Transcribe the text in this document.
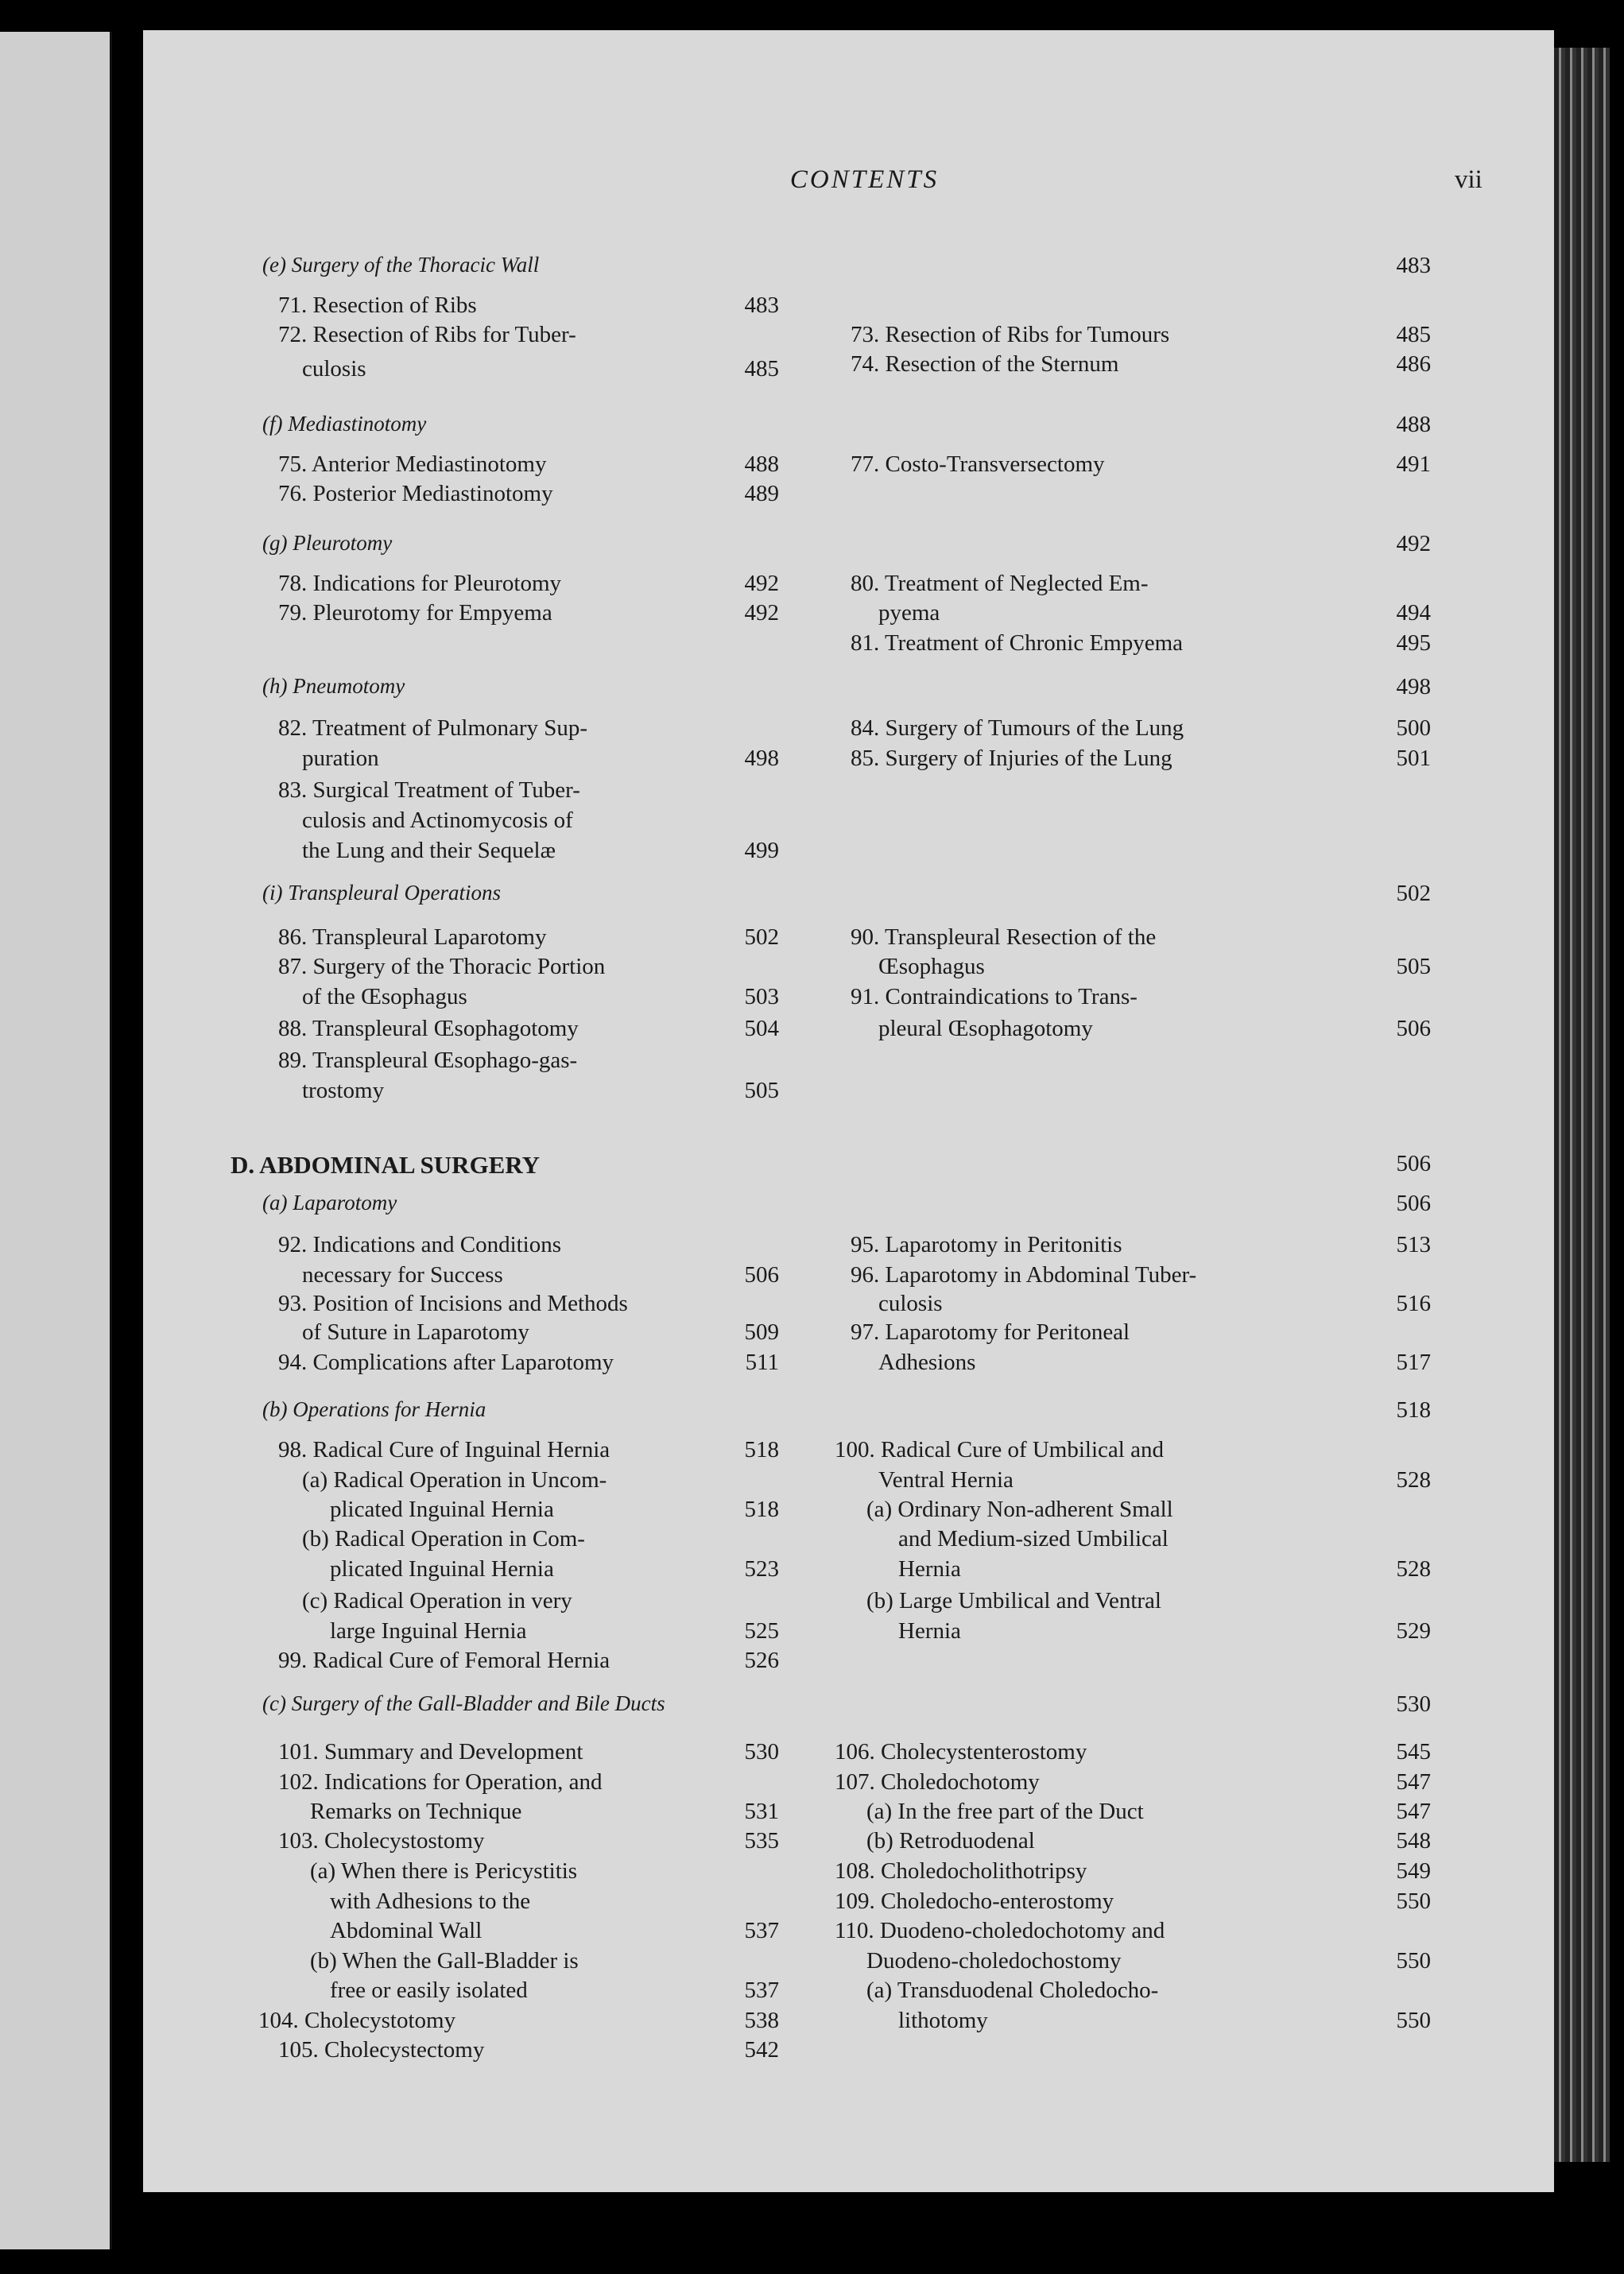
CONTENTS	vii
(e) Surgery of the Thoracic Wall	483
(f) Mediastinotomy	488
(g) Pleurotomy	492
(h) Pneumotomy	498
(i) Transpleural Operations	502
D. ABDOMINAL SURGERY	506
(a) Laparotomy	506
(b) Operations for Hernia	518
(c) Surgery of the Gall-Bladder and Bile Ducts	530
71. Resection of Ribs	483
72. Resection of Ribs for Tuber-
culosis	485
75. Anterior Mediastinotomy	488
76. Posterior Mediastinotomy	489
78. Indications for Pleurotomy	492
79. Pleurotomy for Empyema	492
82. Treatment of Pulmonary Sup-
puration	498
83. Surgical Treatment of Tuber-
culosis and Actinomycosis of
the Lung and their Sequelæ	499
86. Transpleural Laparotomy	502
87. Surgery of the Thoracic Portion
of the Œsophagus	503
88. Transpleural Œsophagotomy	504
89. Transpleural Œsophago-gas-
trostomy	505
92. Indications and Conditions
necessary for Success	506
93. Position of Incisions and Methods
of Suture in Laparotomy	509
94. Complications after Laparotomy	511
98. Radical Cure of Inguinal Hernia	518
(a) Radical Operation in Uncom-
plicated Inguinal Hernia	518
(b) Radical Operation in Com-
plicated Inguinal Hernia	523
(c) Radical Operation in very
large Inguinal Hernia	525
99. Radical Cure of Femoral Hernia	526
101. Summary and Development	530
102. Indications for Operation, and
Remarks on Technique	531
103. Cholecystostomy	535
(a) When there is Pericystitis
with Adhesions to the
Abdominal Wall	537
(b) When the Gall-Bladder is
free or easily isolated	537
104. Cholecystotomy	538
105. Cholecystectomy	542
73. Resection of Ribs for Tumours	485
74. Resection of the Sternum	486
77. Costo-Transversectomy	491
80. Treatment of Neglected Em-
pyema	494
81. Treatment of Chronic Empyema	495
84. Surgery of Tumours of the Lung	500
85. Surgery of Injuries of the Lung	501
90. Transpleural Resection of the
Œsophagus	505
91. Contraindications to Trans-
pleural Œsophagotomy	506
95. Laparotomy in Peritonitis	513
96. Laparotomy in Abdominal Tuber-
culosis	516
97. Laparotomy for Peritoneal
Adhesions	517
100. Radical Cure of Umbilical and
Ventral Hernia	528
(a) Ordinary Non-adherent Small
and Medium-sized Umbilical
Hernia	528
(b) Large Umbilical and Ventral
Hernia	529
106. Cholecystenterostomy	545
107. Choledochotomy	547
(a) In the free part of the Duct	547
(b) Retroduodenal	548
108. Choledocholithotripsy	549
109. Choledocho-enterostomy	550
110. Duodeno-choledochotomy and
Duodeno-choledochostomy	550
(a) Transduodenal Choledocho-
lithotomy	550
